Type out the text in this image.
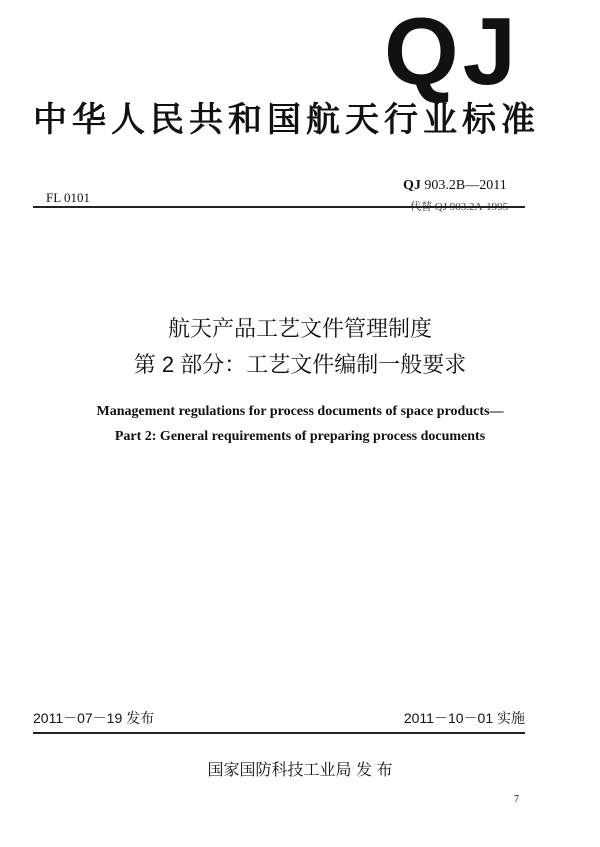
QJ
中华人民共和国航天行业标准
FL 0101
QJ 903.2B—2011
航天产品工艺文件管理制度
第 2 部分：工艺文件编制一般要求
Management regulations for process documents of space products—
Part 2: General requirements of preparing process documents
2011－07－19 发布	2011－10－01 实施
国家国防科技工业局 发 布
7
